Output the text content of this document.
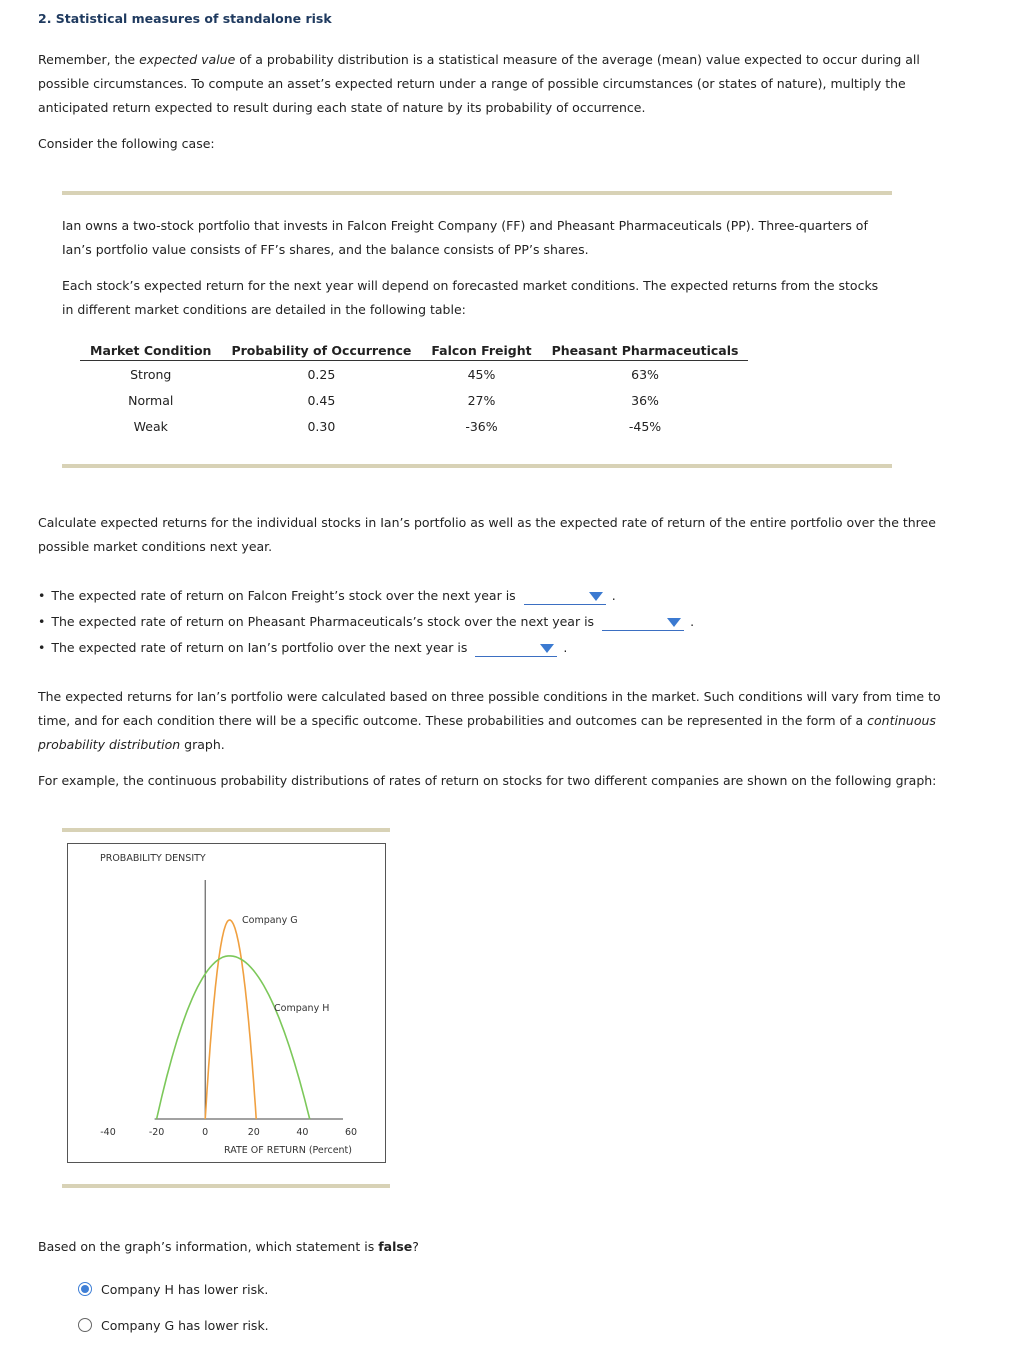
2. Statistical measures of standalone risk
Remember, the expected value of a probability distribution is a statistical measure of the average (mean) value expected to occur during all possible circumstances. To compute an asset’s expected return under a range of possible circumstances (or states of nature), multiply the anticipated return expected to result during each state of nature by its probability of occurrence.
Consider the following case:
Ian owns a two-stock portfolio that invests in Falcon Freight Company (FF) and Pheasant Pharmaceuticals (PP). Three-quarters of Ian’s portfolio value consists of FF’s shares, and the balance consists of PP’s shares.
Each stock’s expected return for the next year will depend on forecasted market conditions. The expected returns from the stocks in different market conditions are detailed in the following table:
Market Condition	Probability of Occurrence	Falcon Freight	Pheasant Pharmaceuticals
Strong	0.25	45%	63%
Normal	0.45	27%	36%
Weak	0.30	-36%	-45%
Calculate expected returns for the individual stocks in Ian’s portfolio as well as the expected rate of return of the entire portfolio over the three possible market conditions next year.
• The expected rate of return on Falcon Freight’s stock over the next year is	.
• The expected rate of return on Pheasant Pharmaceuticals’s stock over the next year is	.
• The expected rate of return on Ian’s portfolio over the next year is	.
The expected returns for Ian’s portfolio were calculated based on three possible conditions in the market. Such conditions will vary from time to time, and for each condition there will be a specific outcome. These probabilities and outcomes can be represented in the form of a continuous probability distribution graph.
For example, the continuous probability distributions of rates of return on stocks for two different companies are shown on the following graph:
PROBABILITY DENSITY
Company G
Company H
-40	-20	0	20	40	60
RATE OF RETURN (Percent)
Based on the graph’s information, which statement is false?
Company H has lower risk.
Company G has lower risk.
